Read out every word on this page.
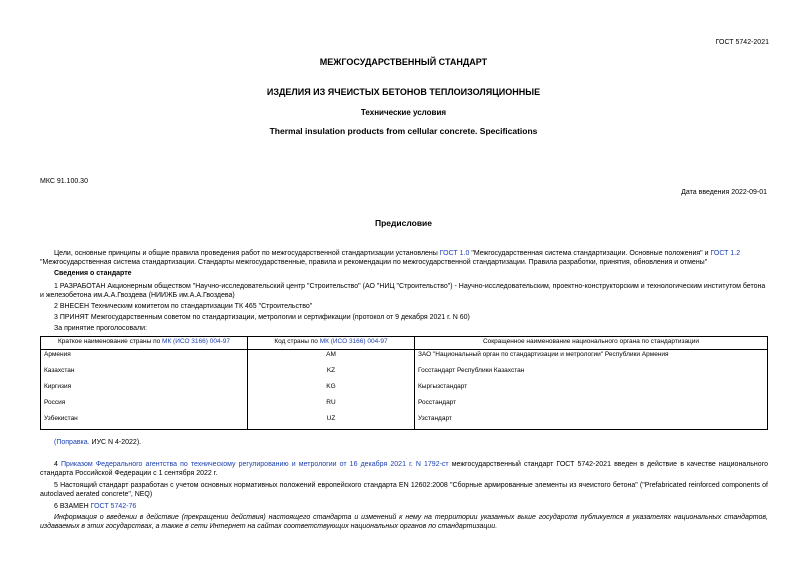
ГОСТ 5742-2021
МЕЖГОСУДАРСТВЕННЫЙ СТАНДАРТ
ИЗДЕЛИЯ ИЗ ЯЧЕИСТЫХ БЕТОНОВ ТЕПЛОИЗОЛЯЦИОННЫЕ
Технические условия
Thermal insulation products from cellular concrete. Specifications
МКС 91.100.30
Дата введения 2022-09-01
Предисловие
Цели, основные принципы и общие правила проведения работ по межгосударственной стандартизации установлены ГОСТ 1.0 "Межгосударственная система стандартизации. Основные положения" и ГОСТ 1.2 "Межгосударственная система стандартизации. Стандарты межгосударственные, правила и рекомендации по межгосударственной стандартизации. Правила разработки, принятия, обновления и отмены"
Сведения о стандарте
1 РАЗРАБОТАН Акционерным обществом "Научно-исследовательский центр "Строительство" (АО "НИЦ "Строительство") - Научно-исследовательским, проектно-конструкторским и технологическим институтом бетона и железобетона им.А.А.Гвоздева (НИИЖБ им.А.А.Гвоздева)
2 ВНЕСЕН Техническим комитетом по стандартизации ТК 465 "Строительство"
3 ПРИНЯТ Межгосударственным советом по стандартизации, метрологии и сертификации (протокол от 9 декабря 2021 г. N 60)
За принятие проголосовали:
Краткое наименование страны по МК (ИСО 3166) 004-97	Код страны по МК (ИСО 3166) 004-97	Сокращенное наименование национального органа по стандартизации
Армения	AM	ЗАО "Национальный орган по стандартизации и метрологии" Республики Армения
Казахстан	KZ	Госстандарт Республики Казахстан
Киргизия	KG	Кыргызстандарт
Россия	RU	Росстандарт
Узбекистан	UZ	Узстандарт
(Поправка. ИУС N 4-2022).
4 Приказом Федерального агентства по техническому регулированию и метрологии от 16 декабря 2021 г. N 1792-ст межгосударственный стандарт ГОСТ 5742-2021 введен в действие в качестве национального стандарта Российской Федерации с 1 сентября 2022 г.
5 Настоящий стандарт разработан с учетом основных нормативных положений европейского стандарта EN 12602:2008 "Сборные армированные элементы из ячеистого бетона" ("Prefabricated reinforced components of autoclaved aerated concrete", NEQ)
6 ВЗАМЕН ГОСТ 5742-76
Информация о введении в действие (прекращении действия) настоящего стандарта и изменений к нему на территории указанных выше государств публикуется в указателях национальных стандартов, издаваемых в этих государствах, а также в сети Интернет на сайтах соответствующих национальных органов по стандартизации.
